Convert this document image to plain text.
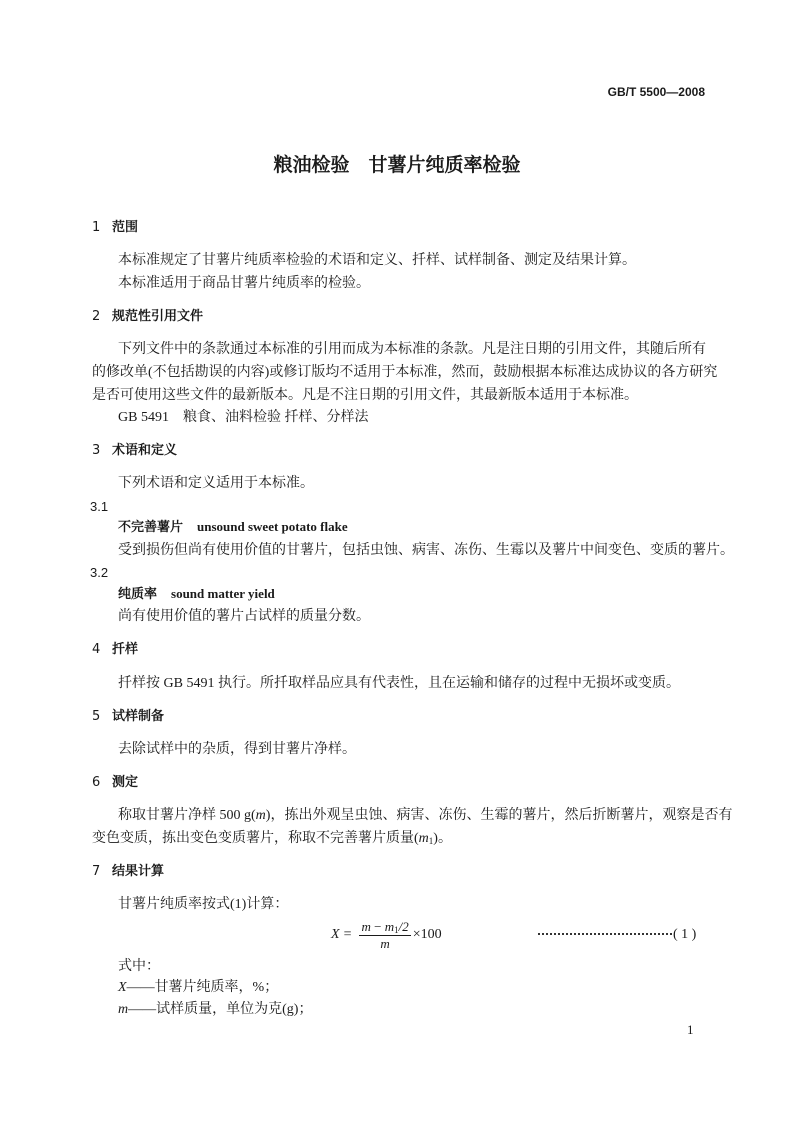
GB/T 5500—2008
粮油检验　甘薯片纯质率检验
1 范围
本标准规定了甘薯片纯质率检验的术语和定义、扦样、试样制备、测定及结果计算。
本标准适用于商品甘薯片纯质率的检验。
2 规范性引用文件
下列文件中的条款通过本标准的引用而成为本标准的条款。凡是注日期的引用文件，其随后所有
的修改单(不包括勘误的内容)或修订版均不适用于本标准，然而，鼓励根据本标准达成协议的各方研究
是否可使用这些文件的最新版本。凡是不注日期的引用文件，其最新版本适用于本标准。
GB 5491　粮食、油料检验 扦样、分样法
3 术语和定义
下列术语和定义适用于本标准。
3.1
不完善薯片 unsound sweet potato flake
受到损伤但尚有使用价值的甘薯片，包括虫蚀、病害、冻伤、生霉以及薯片中间变色、变质的薯片。
3.2
纯质率 sound matter yield
尚有使用价值的薯片占试样的质量分数。
4 扦样
扦样按 GB 5491 执行。所扦取样品应具有代表性，且在运输和储存的过程中无损坏或变质。
5 试样制备
去除试样中的杂质，得到甘薯片净样。
6 测定
称取甘薯片净样 500 g(m)，拣出外观呈虫蚀、病害、冻伤、生霉的薯片，然后折断薯片，观察是否有
变色变质，拣出变色变质薯片，称取不完善薯片质量$(m_1)$。
7 结果计算
甘薯片纯质率按式(1)计算：
$X = \frac{m - m_1/2}{m} \times 100$	( 1 )
式中：
X——甘薯片纯质率，%；
m——试样质量，单位为克(g)；
1
